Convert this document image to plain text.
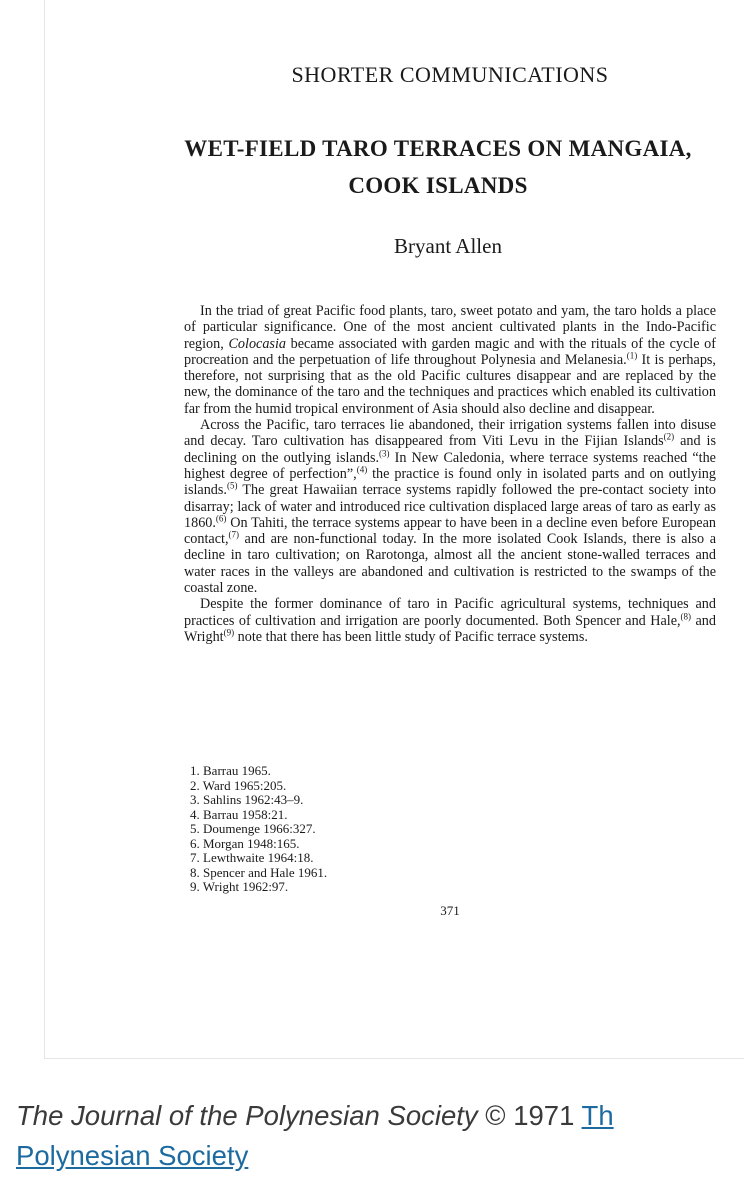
SHORTER COMMUNICATIONS
WET-FIELD TARO TERRACES ON MANGAIA,
COOK ISLANDS
Bryant Allen

In the triad of great Pacific food plants, taro, sweet potato and yam, the taro holds a place of particular significance. One of the most ancient cultivated plants in the Indo-Pacific region, Colocasia became associated with garden magic and with the rituals of the cycle of procreation and the perpetuation of life throughout Polynesia and Melanesia.$^{(1)}$ It is perhaps, therefore, not surprising that as the old Pacific cultures disappear and are replaced by the new, the dominance of the taro and the techniques and practices which enabled its cultivation far from the humid tropical environment of Asia should also decline and disappear.

Across the Pacific, taro terraces lie abandoned, their irrigation systems fallen into disuse and decay. Taro cultivation has disappeared from Viti Levu in the Fijian Islands$^{(2)}$ and is declining on the outlying islands.$^{(3)}$ In New Caledonia, where terrace systems reached “the highest degree of perfection”,$^{(4)}$ the practice is found only in isolated parts and on outlying islands.$^{(5)}$ The great Hawaiian terrace systems rapidly followed the pre-contact society into disarray; lack of water and introduced rice cultivation displaced large areas of taro as early as 1860.$^{(6)}$ On Tahiti, the terrace systems appear to have been in a decline even before European contact,$^{(7)}$ and are non-functional today. In the more isolated Cook Islands, there is also a decline in taro cultivation; on Rarotonga, almost all the ancient stone-walled terraces and water races in the valleys are abandoned and cultivation is restricted to the swamps of the coastal zone.

Despite the former dominance of taro in Pacific agricultural systems, techniques and practices of cultivation and irrigation are poorly documented. Both Spencer and Hale,$^{(8)}$ and Wright$^{(9)}$ note that there has been little study of Pacific terrace systems.

1. Barrau 1965.
2. Ward 1965:205.
3. Sahlins 1962:43–9.
4. Barrau 1958:21.
5. Doumenge 1966:327.
6. Morgan 1948:165.
7. Lewthwaite 1964:18.
8. Spencer and Hale 1961.
9. Wright 1962:97.
371
The Journal of the Polynesian Society © 1971 Th
Polynesian Society
